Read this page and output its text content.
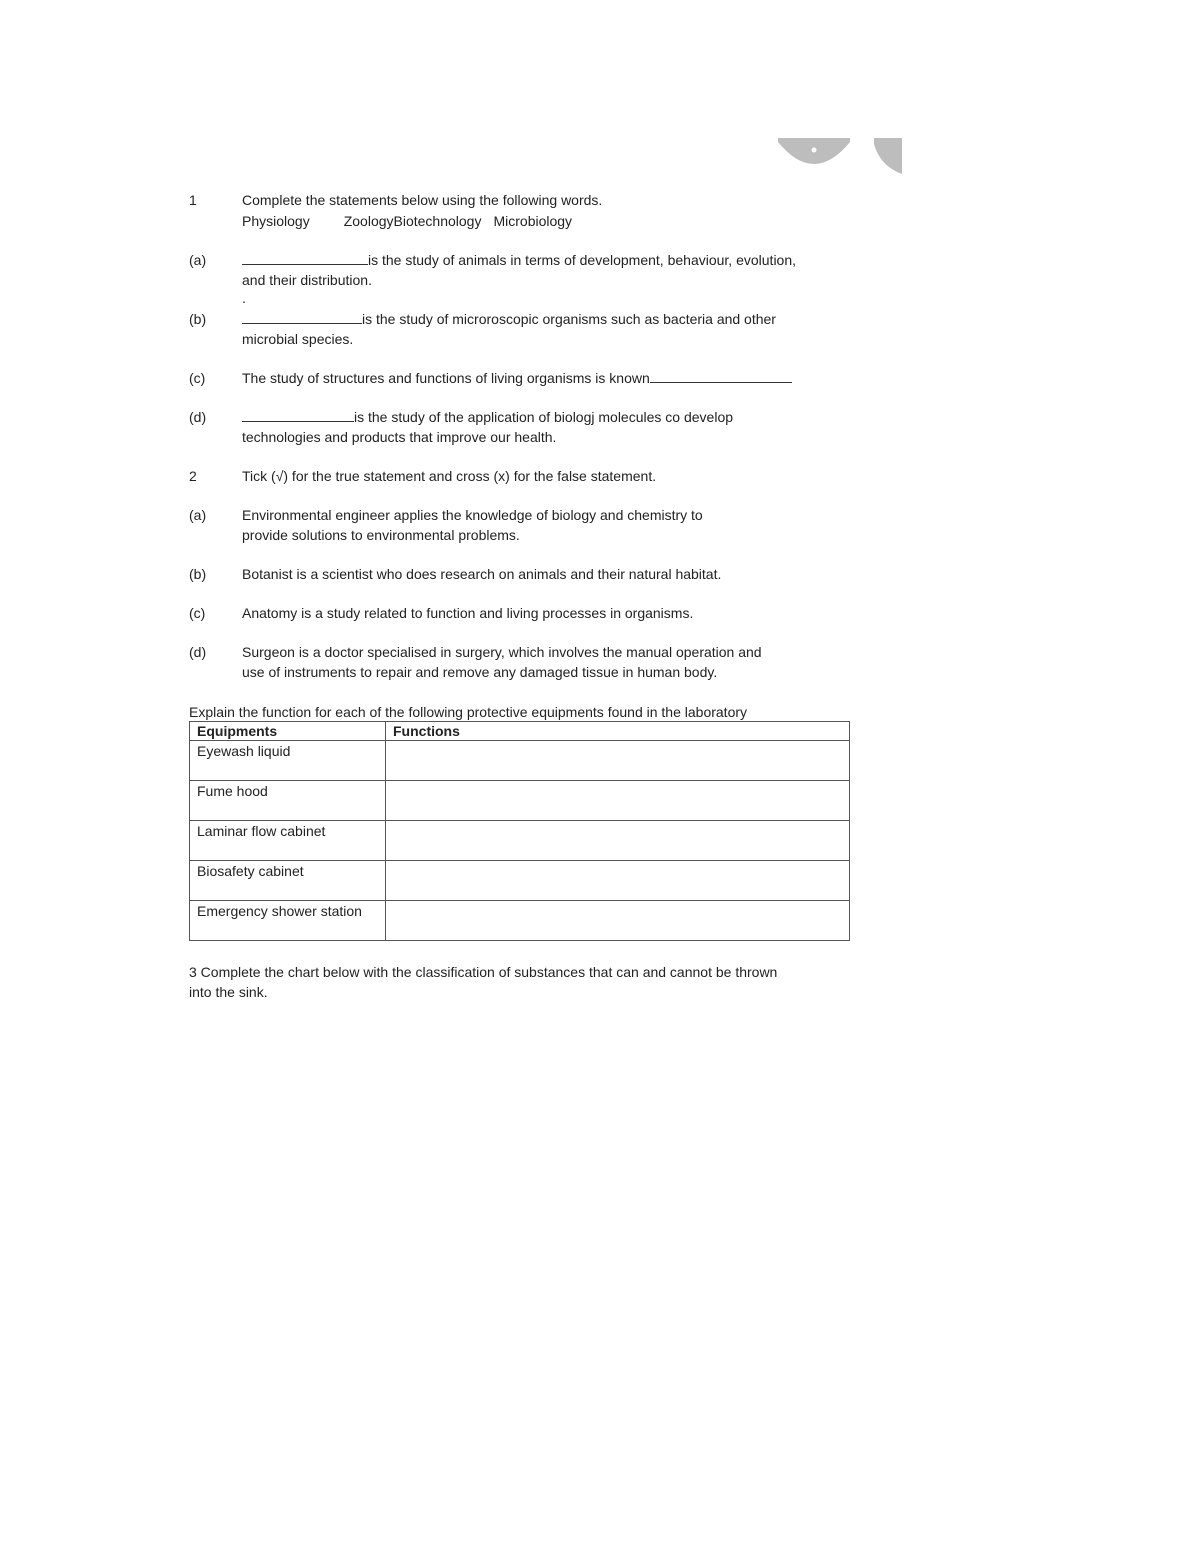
1	Complete the statements below using the following words.
Physiology ZoologyBiotechnology Microbiology
(a)	is the study of animals in terms of development, behaviour, evolution,
and their distribution.
.
(b)	is the study of microroscopic organisms such as bacteria and other
microbial species.
(c)	The study of structures and functions of living organisms is known
(d)	is the study of the application of biologj molecules co develop
technologies and products that improve our health.
2	Tick (√) for the true statement and cross (x) for the false statement.
(a)	Environmental engineer applies the knowledge of biology and chemistry to
provide solutions to environmental problems.
(b)	Botanist is a scientist who does research on animals and their natural habitat.
(c)	Anatomy is a study related to function and living processes in organisms.
(d)	Surgeon is a doctor specialised in surgery, which involves the manual operation and
use of instruments to repair and remove any damaged tissue in human body.
Explain the function for each of the following protective equipments found in the laboratory
Equipments	Functions
Eyewash liquid	
Fume hood	
Laminar flow cabinet	
Biosafety cabinet	
Emergency shower station	
3 Complete the chart below with the classification of substances that can and cannot be thrown
into the sink.
